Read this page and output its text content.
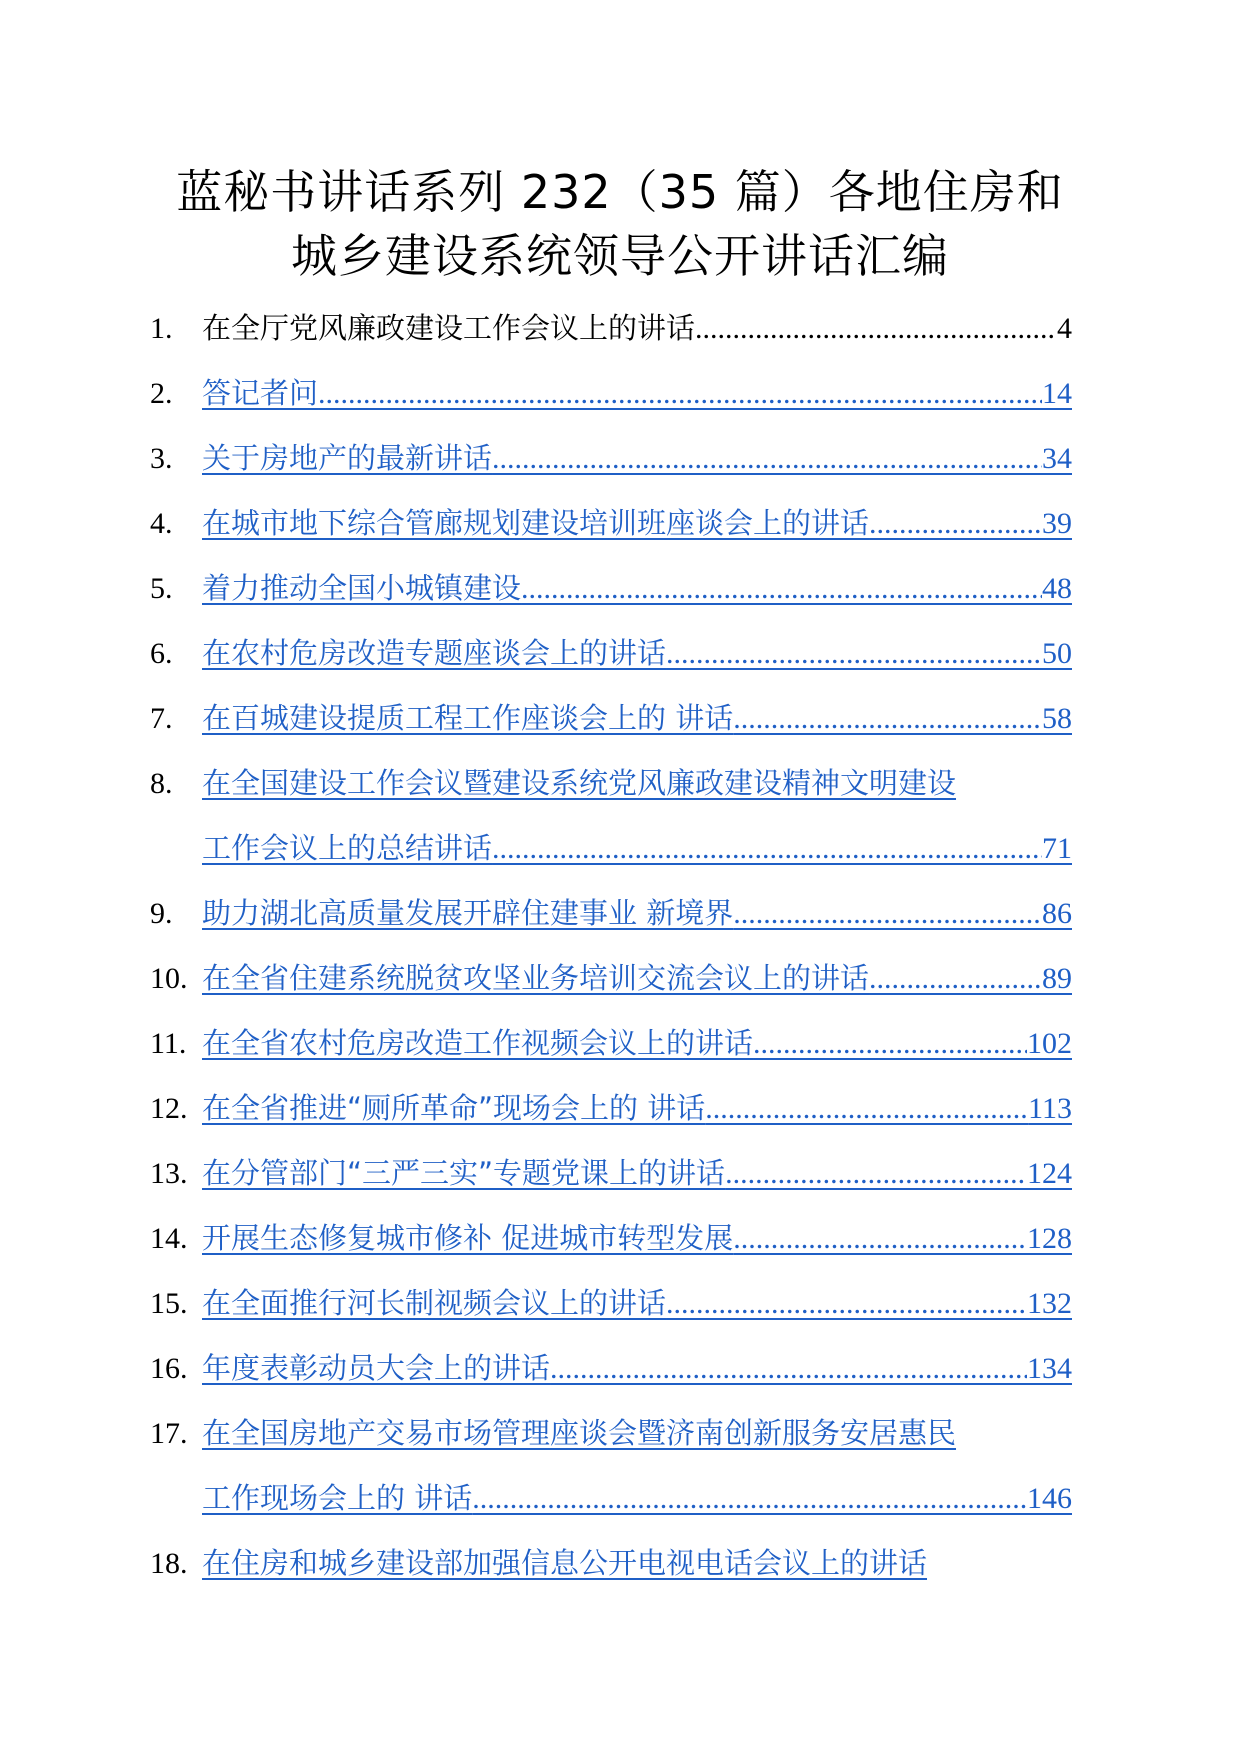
蓝秘书讲话系列 232（35 篇）各地住房和
城乡建设系统领导公开讲话汇编
1.	在全厅党风廉政建设工作会议上的讲话 .....	4
2.	答记者问 .....	14
3.	关于房地产的最新讲话 .....	34
4.	在城市地下综合管廊规划建设培训班座谈会上的讲话 .....	39
5.	着力推动全国小城镇建设 .....	48
6.	在农村危房改造专题座谈会上的讲话 .....	50
7.	在百城建设提质工程工作座谈会上的 讲话 .....	58
8.	在全国建设工作会议暨建设系统党风廉政建设精神文明建设
工作会议上的总结讲话 .....	71
9.	助力湖北高质量发展开辟住建事业 新境界 .....	86
10. 在全省住建系统脱贫攻坚业务培训交流会议上的讲话 .....	89
11. 在全省农村危房改造工作视频会议上的讲话 .....	102
12. 在全省推进“厕所革命”现场会上的 讲话 .....	113
13. 在分管部门“三严三实”专题党课上的讲话 .....	124
14. 开展生态修复城市修补 促进城市转型发展 .....	128
15. 在全面推行河长制视频会议上的讲话 .....	132
16. 年度表彰动员大会上的讲话 .....	134
17. 在全国房地产交易市场管理座谈会暨济南创新服务安居惠民
工作现场会上的 讲话 .....	146
18. 在住房和城乡建设部加强信息公开电视电话会议上的讲话
